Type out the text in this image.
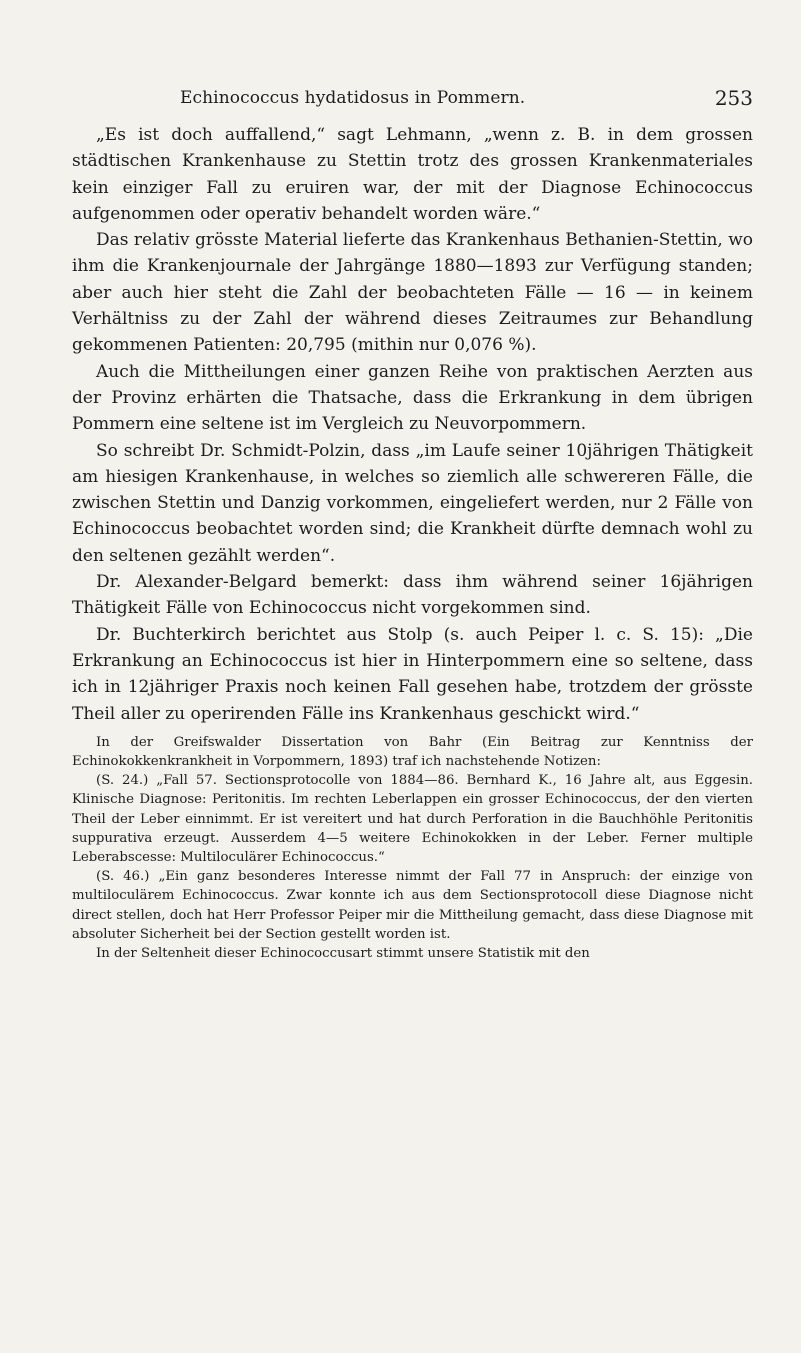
Echinococcus hydatidosus in Pommern.	253

„Es ist doch auffallend,“ sagt Lehmann, „wenn z. B. in dem grossen städtischen Krankenhause zu Stettin trotz des grossen Krankenmateriales kein einziger Fall zu eruiren war, der mit der Diagnose Echinococcus aufgenommen oder operativ behandelt worden wäre.“

Das relativ grösste Material lieferte das Krankenhaus Bethanien-Stettin, wo ihm die Krankenjournale der Jahrgänge 1880—1893 zur Verfügung standen; aber auch hier steht die Zahl der beobachteten Fälle — 16 — in keinem Verhältniss zu der Zahl der während dieses Zeitraumes zur Behandlung gekommenen Patienten: 20,795 (mithin nur 0,076 %).

Auch die Mittheilungen einer ganzen Reihe von praktischen Aerzten aus der Provinz erhärten die Thatsache, dass die Erkrankung in dem übrigen Pommern eine seltene ist im Vergleich zu Neuvorpommern.

So schreibt Dr. Schmidt-Polzin, dass „im Laufe seiner 10jährigen Thätigkeit am hiesigen Krankenhause, in welches so ziemlich alle schwereren Fälle, die zwischen Stettin und Danzig vorkommen, eingeliefert werden, nur 2 Fälle von Echinococcus beobachtet worden sind; die Krankheit dürfte demnach wohl zu den seltenen gezählt werden“.

Dr. Alexander-Belgard bemerkt: dass ihm während seiner 16jährigen Thätigkeit Fälle von Echinococcus nicht vorgekommen sind.

Dr. Buchterkirch berichtet aus Stolp (s. auch Peiper l. c. S. 15): „Die Erkrankung an Echinococcus ist hier in Hinterpommern eine so seltene, dass ich in 12jähriger Praxis noch keinen Fall gesehen habe, trotzdem der grösste Theil aller zu operirenden Fälle ins Krankenhaus geschickt wird.“

In der Greifswalder Dissertation von Bahr (Ein Beitrag zur Kenntniss der Echinokokkenkrankheit in Vorpommern, 1893) traf ich nachstehende Notizen:

(S. 24.) „Fall 57. Sectionsprotocolle von 1884—86. Bernhard K., 16 Jahre alt, aus Eggesin. Klinische Diagnose: Peritonitis. Im rechten Leberlappen ein grosser Echinococcus, der den vierten Theil der Leber einnimmt. Er ist vereitert und hat durch Perforation in die Bauchhöhle Peritonitis suppurativa erzeugt. Ausserdem 4—5 weitere Echinokokken in der Leber. Ferner multiple Leberabscesse: Multiloculärer Echinococcus.“

(S. 46.) „Ein ganz besonderes Interesse nimmt der Fall 77 in Anspruch: der einzige von multiloculärem Echinococcus. Zwar konnte ich aus dem Sectionsprotocoll diese Diagnose nicht direct stellen, doch hat Herr Professor Peiper mir die Mittheilung gemacht, dass diese Diagnose mit absoluter Sicherheit bei der Section gestellt worden ist.

In der Seltenheit dieser Echinococcusart stimmt unsere Statistik mit den
